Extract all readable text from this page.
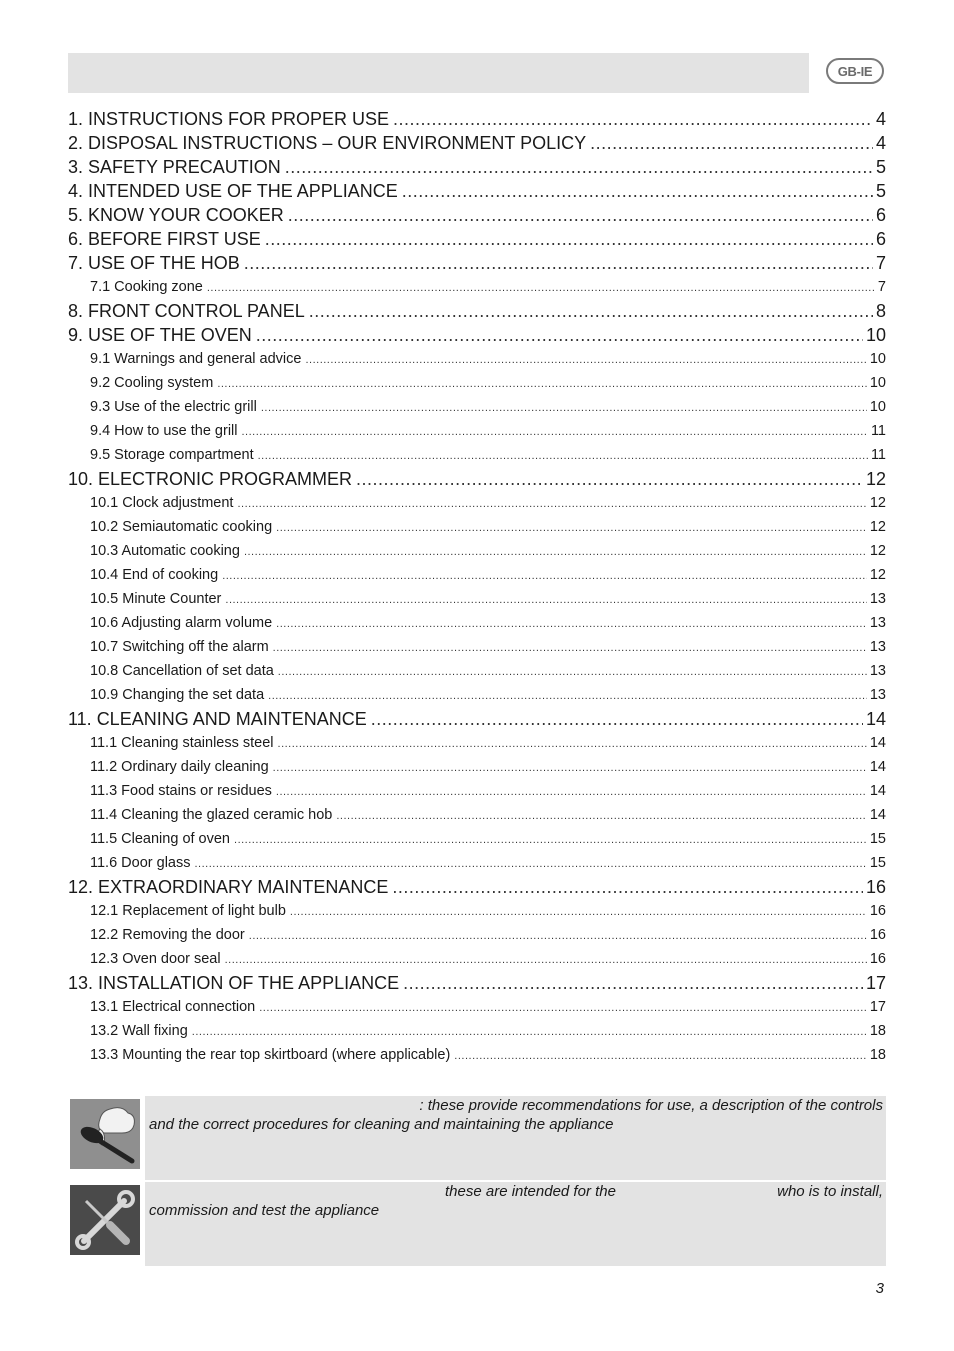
GB-IE
1. INSTRUCTIONS FOR PROPER USE .....	4
2. DISPOSAL INSTRUCTIONS – OUR ENVIRONMENT POLICY .....	4
3. SAFETY PRECAUTION .....	5
4. INTENDED USE OF THE APPLIANCE .....	5
5. KNOW YOUR COOKER .....	6
6. BEFORE FIRST USE .....	6
7. USE OF THE HOB .....	7
7.1 Cooking zone .....	7
8. FRONT CONTROL PANEL .....	8
9. USE OF THE OVEN .....	10
9.1 Warnings and general advice .....	10
9.2 Cooling system .....	10
9.3 Use of the electric grill .....	10
9.4 How to use the grill .....	11
9.5 Storage compartment .....	11
10. ELECTRONIC PROGRAMMER .....	12
10.1 Clock adjustment .....	12
10.2 Semiautomatic cooking .....	12
10.3 Automatic cooking .....	12
10.4 End of cooking .....	12
10.5 Minute Counter .....	13
10.6 Adjusting alarm volume .....	13
10.7 Switching off the alarm .....	13
10.8 Cancellation of set data .....	13
10.9 Changing the set data .....	13
11. CLEANING AND MAINTENANCE .....	14
11.1 Cleaning stainless steel .....	14
11.2 Ordinary daily cleaning .....	14
11.3 Food stains or residues .....	14
11.4 Cleaning the glazed ceramic hob .....	14
11.5 Cleaning of oven .....	15
11.6 Door glass .....	15
12. EXTRAORDINARY MAINTENANCE .....	16
12.1 Replacement of light bulb .....	16
12.2 Removing the door .....	16
12.3 Oven door seal .....	16
13. INSTALLATION OF THE APPLIANCE .....	17
13.1 Electrical connection .....	17
13.2 Wall fixing .....	18
13.3 Mounting the rear top skirtboard (where applicable) .....	18
: these provide recommendations for use, a description of the controls
and the correct procedures for cleaning and maintaining the appliance
these are intended for the	who is to install,
commission and test the appliance
3
